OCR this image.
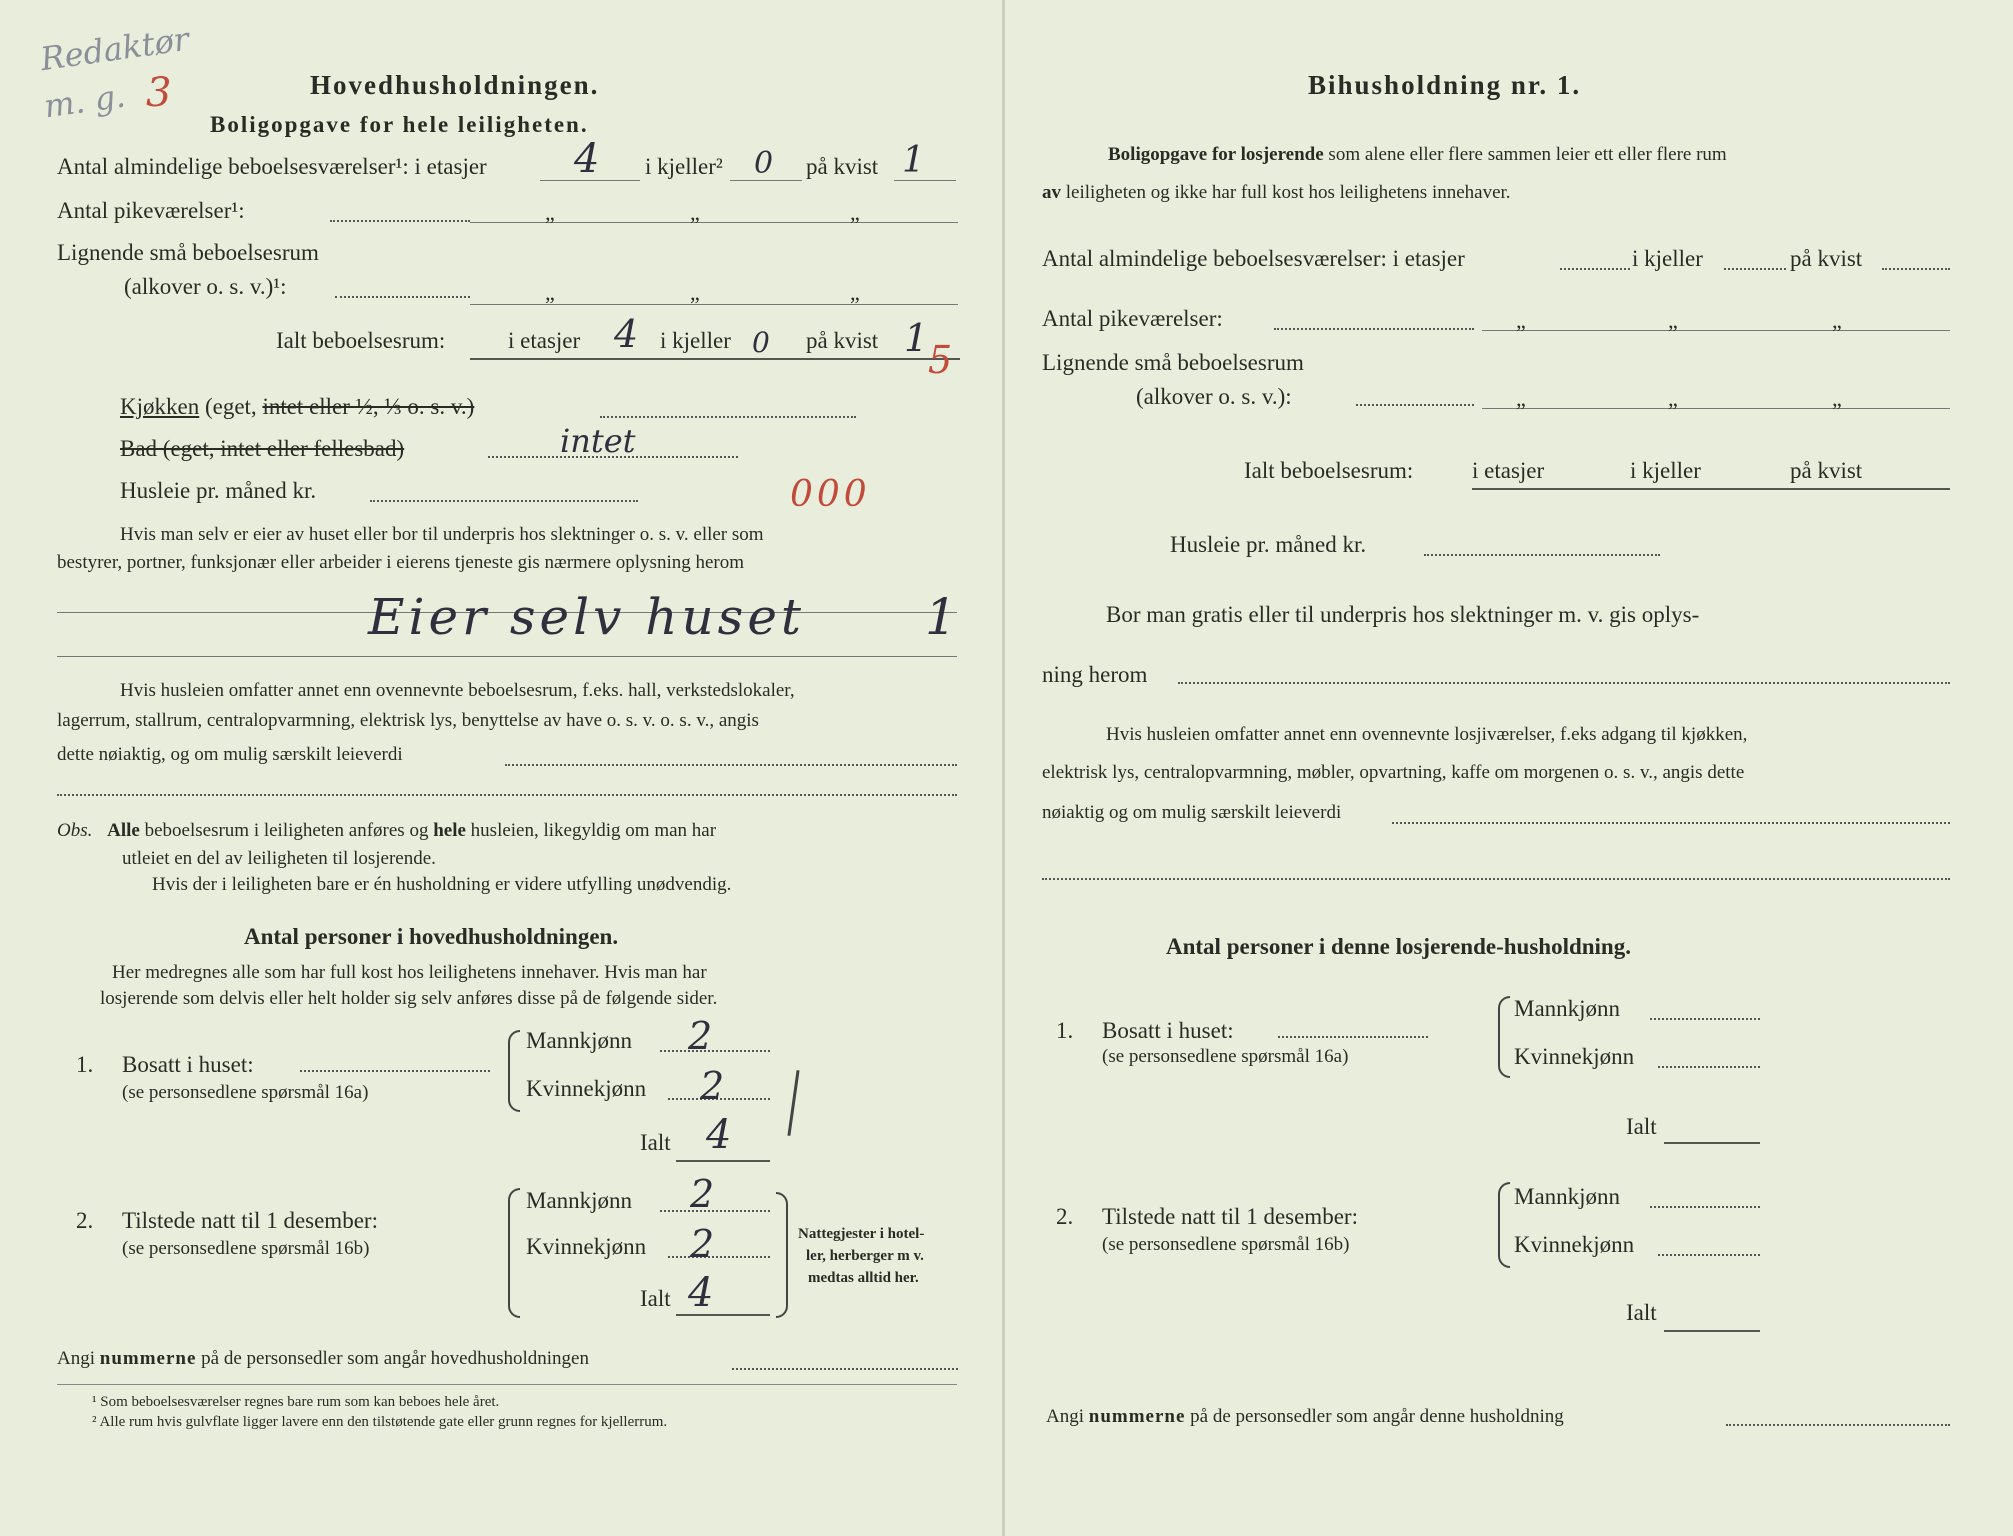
Redaktør
m. g. 3	Hovedhusholdningen.
Boligopgave for hele leiligheten.
Antal almindelige beboelsesværelser¹: i etasjer 4 i kjeller² 0 på kvist 1
Antal pikeværelser¹:	„	„	„
Lignende små beboelsesrum
(alkover o. s. v.)¹:	„	„	„
Ialt beboelsesrum:	i etasjer 4 i kjeller 0 på kvist 1 5
Kjøkken (eget, intet eller ½, ⅓ o. s. v.)
Bad (eget, intet eller fellesbad)	intet
Husleie pr. måned kr.	000
Hvis man selv er eier av huset eller bor til underpris hos slektninger o. s. v. eller som
bestyrer, portner, funksjonær eller arbeider i eierens tjeneste gis nærmere oplysning herom
Eier selv huset 1
Hvis husleien omfatter annet enn ovennevnte beboelsesrum, f.eks. hall, verkstedslokaler,
lagerrum, stallrum, centralopvarmning, elektrisk lys, benyttelse av have o. s. v. o. s. v., angis
dette nøiaktig, og om mulig særskilt leieverdi
Obs. Alle beboelsesrum i leiligheten anføres og hele husleien, likegyldig om man har
utleiet en del av leiligheten til losjerende.
Hvis der i leiligheten bare er én husholdning er videre utfylling unødvendig.
Antal personer i hovedhusholdningen.
Her medregnes alle som har full kost hos leilighetens innehaver. Hvis man har
losjerende som delvis eller helt holder sig selv anføres disse på de følgende sider.
1. Bosatt i huset:
(se personsedlene spørsmål 16a)
Mannkjønn 2
Kvinnekjønn 2
Ialt 4
2. Tilstede natt til 1 desember:
(se personsedlene spørsmål 16b)
Mannkjønn 2
Kvinnekjønn 2
Ialt 4
Nattegjester i hotel-
ler, herberger m v.
medtas alltid her.
Angi nummerne på de personsedler som angår hovedhusholdningen
¹ Som beboelsesværelser regnes bare rum som kan beboes hele året.
² Alle rum hvis gulvflate ligger lavere enn den tilstøtende gate eller grunn regnes for kjellerrum.
Bihusholdning nr. 1.
Boligopgave for losjerende som alene eller flere sammen leier ett eller flere rum
av leiligheten og ikke har full kost hos leilighetens innehaver.
Antal almindelige beboelsesværelser: i etasjer	i kjeller	på kvist
Antal pikeværelser:	„	„	„
Lignende små beboelsesrum
(alkover o. s. v.):	„	„	„
Ialt beboelsesrum:	i etasjer	i kjeller	på kvist
Husleie pr. måned kr.
Bor man gratis eller til underpris hos slektninger m. v. gis oplys-
ning herom
Hvis husleien omfatter annet enn ovennevnte losjiværelser, f.eks adgang til kjøkken,
elektrisk lys, centralopvarmning, møbler, opvartning, kaffe om morgenen o. s. v., angis dette
nøiaktig og om mulig særskilt leieverdi
Antal personer i denne losjerende-husholdning.
1. Bosatt i huset:
(se personsedlene spørsmål 16a)
Mannkjønn
Kvinnekjønn
Ialt
2. Tilstede natt til 1 desember:
(se personsedlene spørsmål 16b)
Mannkjønn
Kvinnekjønn
Ialt
Angi nummerne på de personsedler som angår denne husholdning
